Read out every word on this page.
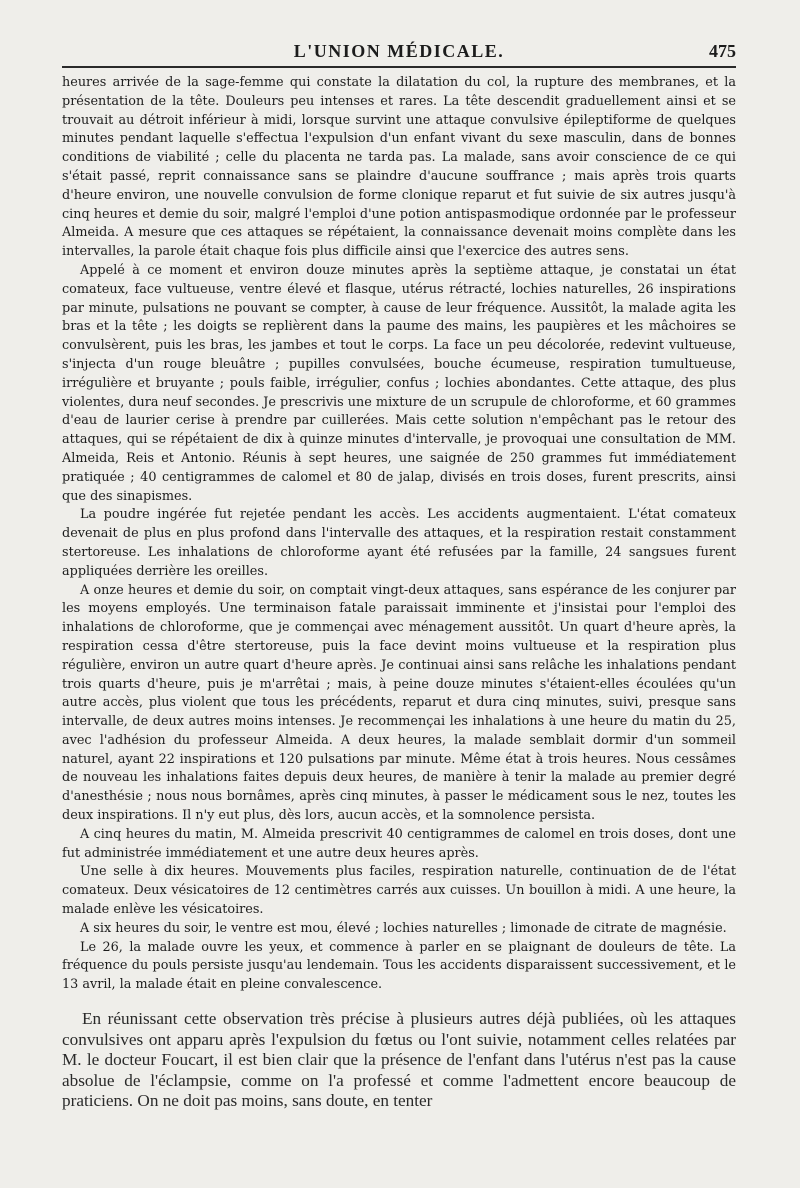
L'UNION MÉDICALE.	475

heures arrivée de la sage-femme qui constate la dilatation du col, la rupture des membranes, et la présentation de la tête. Douleurs peu intenses et rares. La tête descendit graduellement ainsi et se trouvait au détroit inférieur à midi, lorsque survint une attaque convulsive épileptiforme de quelques minutes pendant laquelle s'effectua l'expulsion d'un enfant vivant du sexe masculin, dans de bonnes conditions de viabilité ; celle du placenta ne tarda pas. La malade, sans avoir conscience de ce qui s'était passé, reprit connaissance sans se plaindre d'aucune souffrance ; mais après trois quarts d'heure environ, une nouvelle convulsion de forme clonique reparut et fut suivie de six autres jusqu'à cinq heures et demie du soir, malgré l'emploi d'une potion antispasmodique ordonnée par le professeur Almeida. A mesure que ces attaques se répétaient, la connaissance devenait moins complète dans les intervalles, la parole était chaque fois plus difficile ainsi que l'exercice des autres sens.

Appelé à ce moment et environ douze minutes après la septième attaque, je constatai un état comateux, face vultueuse, ventre élevé et flasque, utérus rétracté, lochies naturelles, 26 inspirations par minute, pulsations ne pouvant se compter, à cause de leur fréquence. Aussitôt, la malade agita les bras et la tête ; les doigts se replièrent dans la paume des mains, les paupières et les mâchoires se convulsèrent, puis les bras, les jambes et tout le corps. La face un peu décolorée, redevint vultueuse, s'injecta d'un rouge bleuâtre ; pupilles convulsées, bouche écumeuse, respiration tumultueuse, irrégulière et bruyante ; pouls faible, irrégulier, confus ; lochies abondantes. Cette attaque, des plus violentes, dura neuf secondes. Je prescrivis une mixture de un scrupule de chloroforme, et 60 grammes d'eau de laurier cerise à prendre par cuillerées. Mais cette solution n'empêchant pas le retour des attaques, qui se répétaient de dix à quinze minutes d'intervalle, je provoquai une consultation de MM. Almeida, Reis et Antonio. Réunis à sept heures, une saignée de 250 grammes fut immédiatement pratiquée ; 40 centigrammes de calomel et 80 de jalap, divisés en trois doses, furent prescrits, ainsi que des sinapismes.

La poudre ingérée fut rejetée pendant les accès. Les accidents augmentaient. L'état comateux devenait de plus en plus profond dans l'intervalle des attaques, et la respiration restait constamment stertoreuse. Les inhalations de chloroforme ayant été refusées par la famille, 24 sangsues furent appliquées derrière les oreilles.

A onze heures et demie du soir, on comptait vingt-deux attaques, sans espérance de les conjurer par les moyens employés. Une terminaison fatale paraissait imminente et j'insistai pour l'emploi des inhalations de chloroforme, que je commençai avec ménagement aussitôt. Un quart d'heure après, la respiration cessa d'être stertoreuse, puis la face devint moins vultueuse et la respiration plus régulière, environ un autre quart d'heure après. Je continuai ainsi sans relâche les inhalations pendant trois quarts d'heure, puis je m'arrêtai ; mais, à peine douze minutes s'étaient-elles écoulées qu'un autre accès, plus violent que tous les précédents, reparut et dura cinq minutes, suivi, presque sans intervalle, de deux autres moins intenses. Je recommençai les inhalations à une heure du matin du 25, avec l'adhésion du professeur Almeida. A deux heures, la malade semblait dormir d'un sommeil naturel, ayant 22 inspirations et 120 pulsations par minute. Même état à trois heures. Nous cessâmes de nouveau les inhalations faites depuis deux heures, de manière à tenir la malade au premier degré d'anesthésie ; nous nous bornâmes, après cinq minutes, à passer le médicament sous le nez, toutes les deux inspirations. Il n'y eut plus, dès lors, aucun accès, et la somnolence persista.

A cinq heures du matin, M. Almeida prescrivit 40 centigrammes de calomel en trois doses, dont une fut administrée immédiatement et une autre deux heures après.

Une selle à dix heures. Mouvements plus faciles, respiration naturelle, continuation de de l'état comateux. Deux vésicatoires de 12 centimètres carrés aux cuisses. Un bouillon à midi. A une heure, la malade enlève les vésicatoires.

A six heures du soir, le ventre est mou, élevé ; lochies naturelles ; limonade de citrate de magnésie.

Le 26, la malade ouvre les yeux, et commence à parler en se plaignant de douleurs de tête. La fréquence du pouls persiste jusqu'au lendemain. Tous les accidents disparaissent successivement, et le 13 avril, la malade était en pleine convalescence.

En réunissant cette observation très précise à plusieurs autres déjà publiées, où les attaques convulsives ont apparu après l'expulsion du fœtus ou l'ont suivie, notamment celles relatées par M. le docteur Foucart, il est bien clair que la présence de l'enfant dans l'utérus n'est pas la cause absolue de l'éclampsie, comme on l'a professé et comme l'admettent encore beaucoup de praticiens. On ne doit pas moins, sans doute, en tenter
